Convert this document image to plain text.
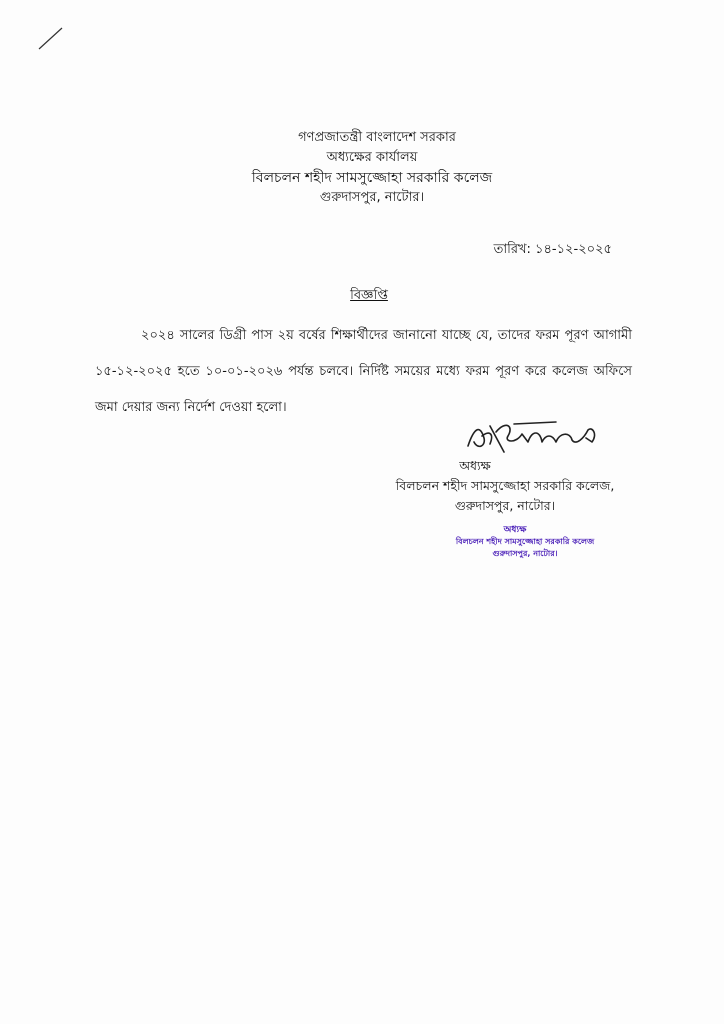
গণপ্রজাতন্ত্রী বাংলাদেশ সরকার
অধ্যক্ষের কার্যালয়
বিলচলন শহীদ সামসুজ্জোহা সরকারি কলেজ
গুরুদাসপুর, নাটোর।
তারিখ: ১৪-১২-২০২৫
বিজ্ঞপ্তি
২০২৪ সালের ডিগ্রী পাস ২য় বর্ষের শিক্ষার্থীদের জানানো যাচ্ছে যে, তাদের ফরম পূরণ আগামী ১৫-১২-২০২৫ হতে ১০-০১-২০২৬ পর্যন্ত চলবে। নির্দিষ্ট সময়ের মধ্যে ফরম পূরণ করে কলেজ অফিসে জমা দেয়ার জন্য নির্দেশ দেওয়া হলো।
অধ্যক্ষ
বিলচলন শহীদ সামসুজ্জোহা সরকারি কলেজ,
গুরুদাসপুর, নাটোর।
অধ্যক্ষ
বিলচলন শহীদ সামসুজ্জোহা সরকারি কলেজ
গুরুদাসপুর, নাটোর।
